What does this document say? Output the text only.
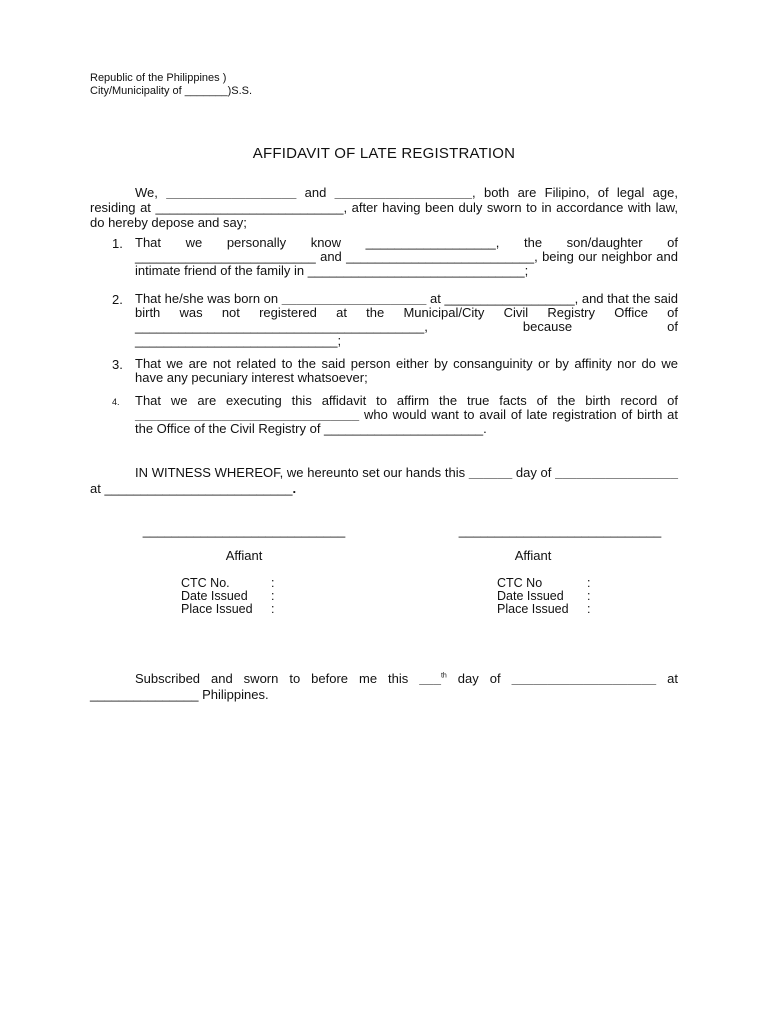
Republic of the Philippines )
City/Municipality of _______)S.S.
AFFIDAVIT OF LATE REGISTRATION
We, __________________ and ___________________, both are Filipino, of legal age, residing at __________________________, after having been duly sworn to in accordance with law, do hereby depose and say;
1. That we personally know __________________, the son/daughter of _________________________ and __________________________, being our neighbor and intimate friend of the family in ______________________________;
2. That he/she was born on ____________________ at __________________, and that the said birth was not registered at the Municipal/City Civil Registry Office of ________________________________________, because of ____________________________;
3. That we are not related to the said person either by consanguinity or by affinity nor do we have any pecuniary interest whatsoever;
4. That we are executing this affidavit to affirm the true facts of the birth record of _______________________________ who would want to avail of late registration of birth at the Office of the Civil Registry of ______________________.
IN WITNESS WHEREOF, we hereunto set our hands this ______ day of _________________ at __________________________.
____________________________	____________________________
Affiant	Affiant
CTC No.	:
Date Issued	:
Place Issued	:
CTC No	:
Date Issued	:
Place Issued	:
Subscribed and sworn to before me this ___$^{th}$ day of ____________________ at _______________ Philippines.
